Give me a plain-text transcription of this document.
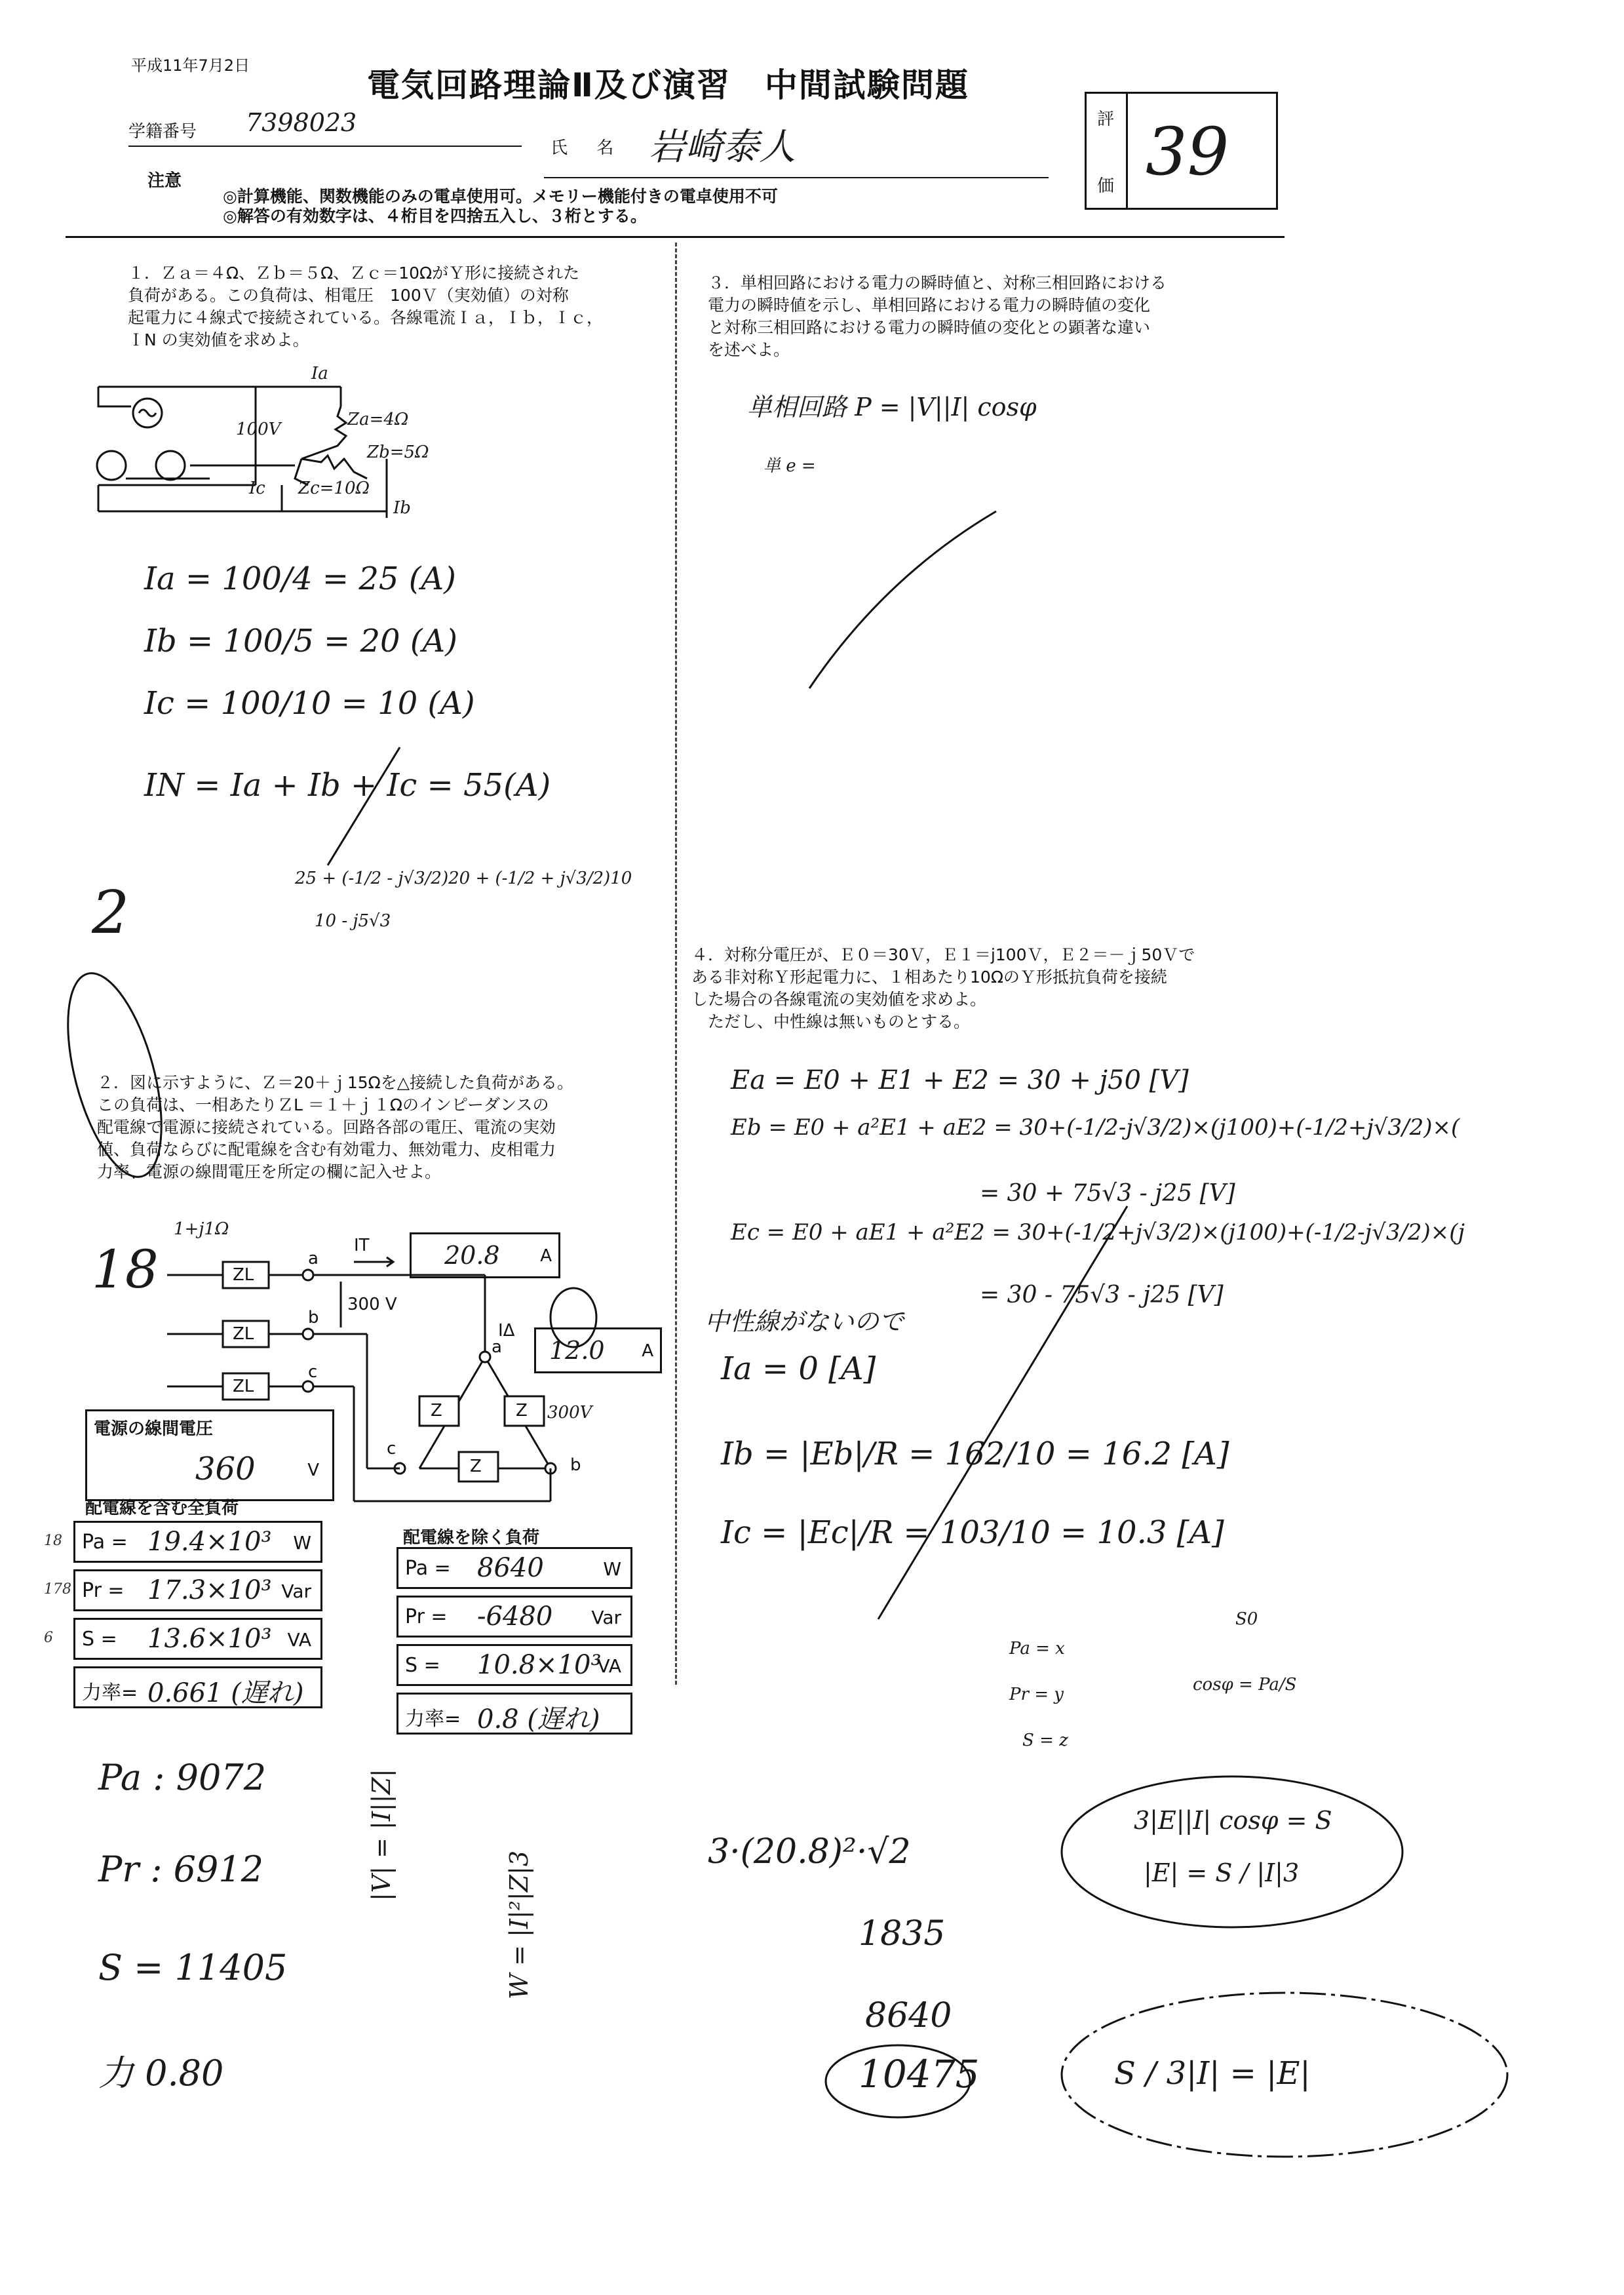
平成11年7月2日
電気回路理論Ⅱ及び演習　中間試験問題
学籍番号 7398023
氏 名 岩崎泰人
評
価 39
注意
◎計算機能、関数機能のみの電卓使用可。メモリー機能付きの電卓使用不可
◎解答の有効数字は、４桁目を四捨五入し、３桁とする。
１．Ｚａ＝４Ω、Ｚｂ＝５Ω、Ｚｃ＝10ΩがＹ形に接続された
負荷がある。この負荷は、相電圧　100Ｖ（実効値）の対称
起電力に４線式で接続されている。各線電流Ｉａ，Ｉｂ，Ｉｃ，
ＩN の実効値を求めよ。
Ia
100V	Za=4Ω
Zb=5Ω
Zc=10Ω
Ic
Ib
Ia = 100/4 = 25 (A)
Ib = 100/5 = 20 (A)
Ic = 100/10 = 10 (A)
IN = Ia + Ib + Ic = 55(A)
2	25 + (-1/2 - j√3/2)20 + (-1/2 + j√3/2)10
10 - j5√3
２．図に示すように、Ｚ＝20＋ｊ15Ωを△接続した負荷がある。
この負荷は、一相あたりＺL ＝１＋ｊ１Ωのインピーダンスの
配電線で電源に接続されている。回路各部の電圧、電流の実効
値、負荷ならびに配電線を含む有効電力、無効電力、皮相電力
力率、電源の線間電圧を所定の欄に記入せよ。
1+j1Ω
ZL
ZL
ZL
a
b
c
300 V
IT
IΔ
a
c
b
Z	Z
Z
300V
18	20.8 A
12.0 A
電源の線間電圧
360	V
配電線を含む全負荷
Pa = 19.4×10³ W
18
Pr = 17.3×10³ Var
178
S = 13.6×10³ VA
6
力率= 0.661 (遅れ)
配電線を除く負荷
Pa = 8640	W
Pr = -6480 Var
S = 10.8×10³
VA
力率= 0.8 (遅れ)
３．単相回路における電力の瞬時値と、対称三相回路における
電力の瞬時値を示し、単相回路における電力の瞬時値の変化
と対称三相回路における電力の瞬時値の変化との顕著な違い
を述べよ。
単相回路 P = |V||I| cosφ
単 e =
４．対称分電圧が、Ｅ０＝30Ｖ，Ｅ１＝j100Ｖ，Ｅ２＝－ｊ50Ｖで
ある非対称Ｙ形起電力に、１相あたり10ΩのＹ形抵抗負荷を接続
した場合の各線電流の実効値を求めよ。
　ただし、中性線は無いものとする。
Ea = E0 + E1 + E2 = 30 + j50 [V]
Eb = E0 + a²E1 + aE2 = 30+(-1/2-j√3/2)×(j100)+(-1/2+j√3/2)×(
= 30 + 75√3 - j25 [V]
Ec = E0 + aE1 + a²E2 = 30+(-1/2+j√3/2)×(j100)+(-1/2-j√3/2)×(j
= 30 - 75√3 - j25 [V]
中性線がないので
Ia = 0 [A]
Ib = |Eb|/R = 162/10 = 16.2 [A]
Ic = |Ec|/R = 103/10 = 10.3 [A]
Pa = x
Pr = y
S = z
S0
cosφ = Pa/S
Pa : 9072
Pr : 6912
S = 11405
力 0.80
|V| = |I||Z|
W = |I|²|Z|3	3·(20.8)²·√2
1835
8640
10475
3|E||I| cosφ = S
|E| = S / |I|3
S / 3|I| = |E|
